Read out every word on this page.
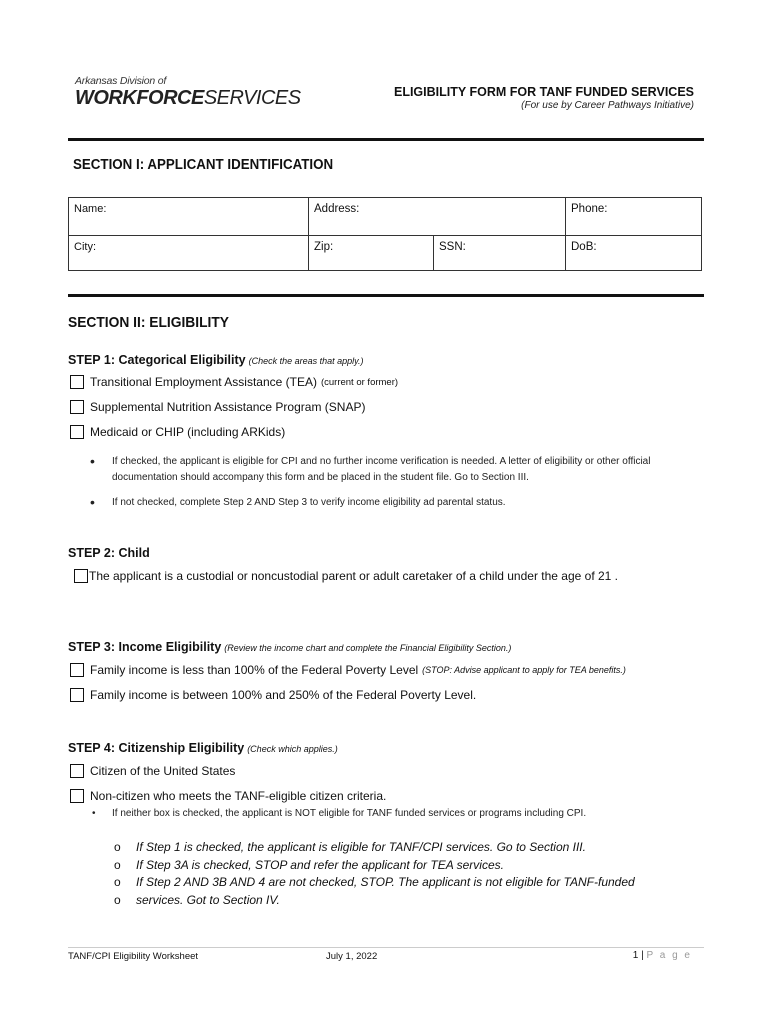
Arkansas Division of
WORKFORCESERVICES	ELIGIBILITY FORM FOR TANF FUNDED SERVICES
(For use by Career Pathways Initiative)
SECTION I: APPLICANT IDENTIFICATION
Name:	Address:	Phone:
City:	Zip:	SSN:	DoB:
SECTION II: ELIGIBILITY
STEP 1: Categorical Eligibility (Check the areas that apply.)
Transitional Employment Assistance (TEA) (current or former)
Supplemental Nutrition Assistance Program (SNAP)
Medicaid or CHIP (including ARKids)
•	If checked, the applicant is eligible for CPI and no further income verification is needed. A letter of eligibility or other official documentation should accompany this form and be placed in the student file. Go to Section III.
•	If not checked, complete Step 2 AND Step 3 to verify income eligibility ad parental status.
STEP 2: Child
The applicant is a custodial or noncustodial parent or adult caretaker of a child under the age of 21 .
STEP 3: Income Eligibility (Review the income chart and complete the Financial Eligibility Section.)
Family income is less than 100% of the Federal Poverty Level (STOP: Advise applicant to apply for TEA benefits.)
Family income is between 100% and 250% of the Federal Poverty Level.
STEP 4: Citizenship Eligibility (Check which applies.)
Citizen of the United States
Non-citizen who meets the TANF-eligible citizen criteria.
• If neither box is checked, the applicant is NOT eligible for TANF funded services or programs including CPI.
o	If Step 1 is checked, the applicant is eligible for TANF/CPI services. Go to Section III.
o	If Step 3A is checked, STOP and refer the applicant for TEA services.
o	If Step 2 AND 3B AND 4 are not checked, STOP. The applicant is not eligible for TANF-funded
o	services. Got to Section IV.
TANF/CPI Eligibility Worksheet	July 1, 2022	1 | P a g e
